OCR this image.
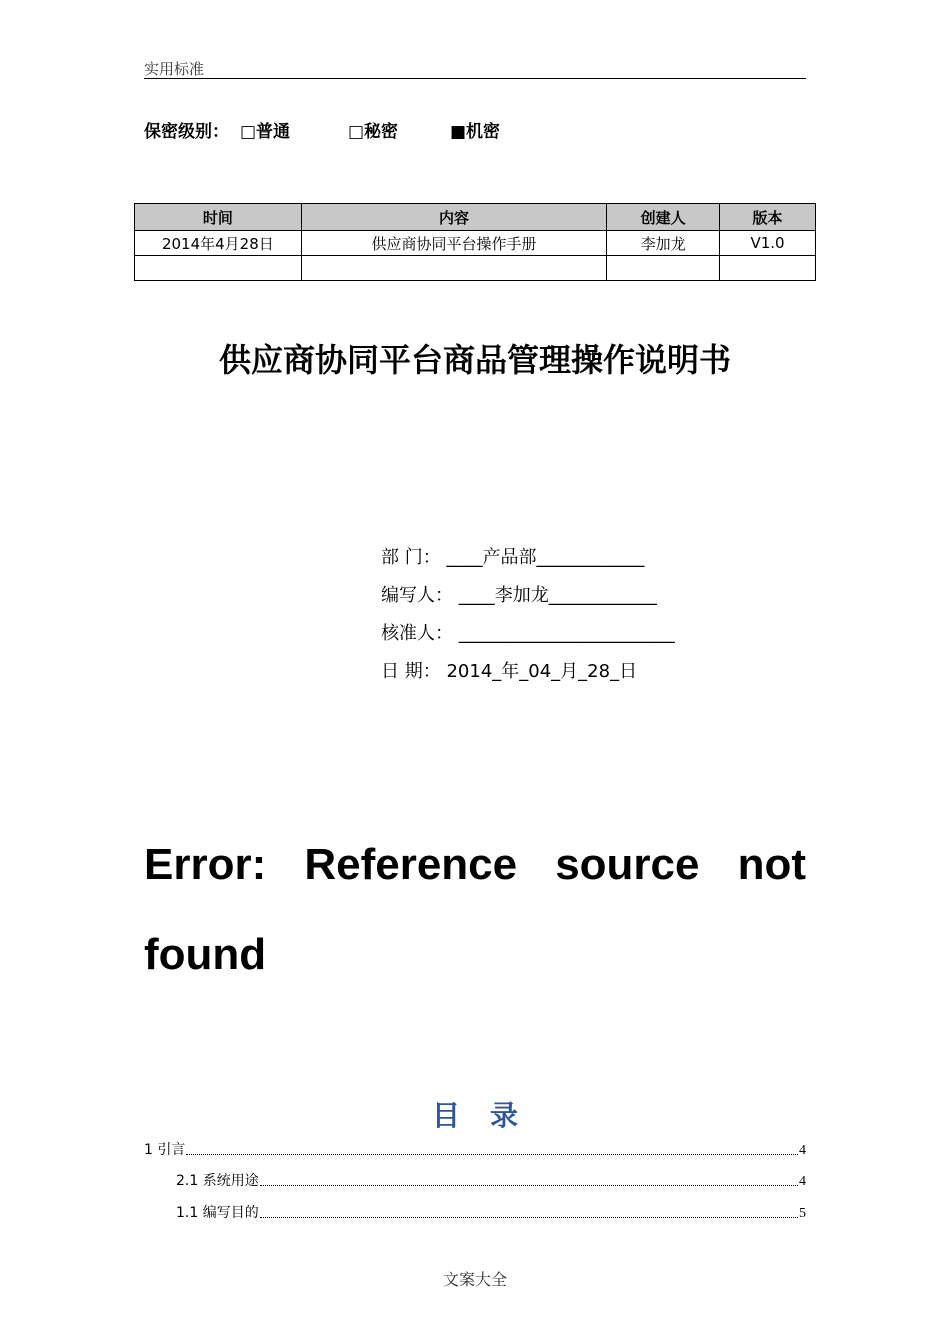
实用标准
保密级别： □普通	□秘密	■机密
时间	内容	创建人	版本
2014年4月28日	供应商协同平台操作手册	李加龙	V1.0

供应商协同平台商品管理操作说明书
部 门： ____产品部____________
编写人： ____李加龙____________
核准人： ________________________
日 期： 2014_年_04_月_28_日
Error: Reference source not
found
目录
1 引言	4
2.1 系统用途	4
1.1 编写目的	5
文案大全
